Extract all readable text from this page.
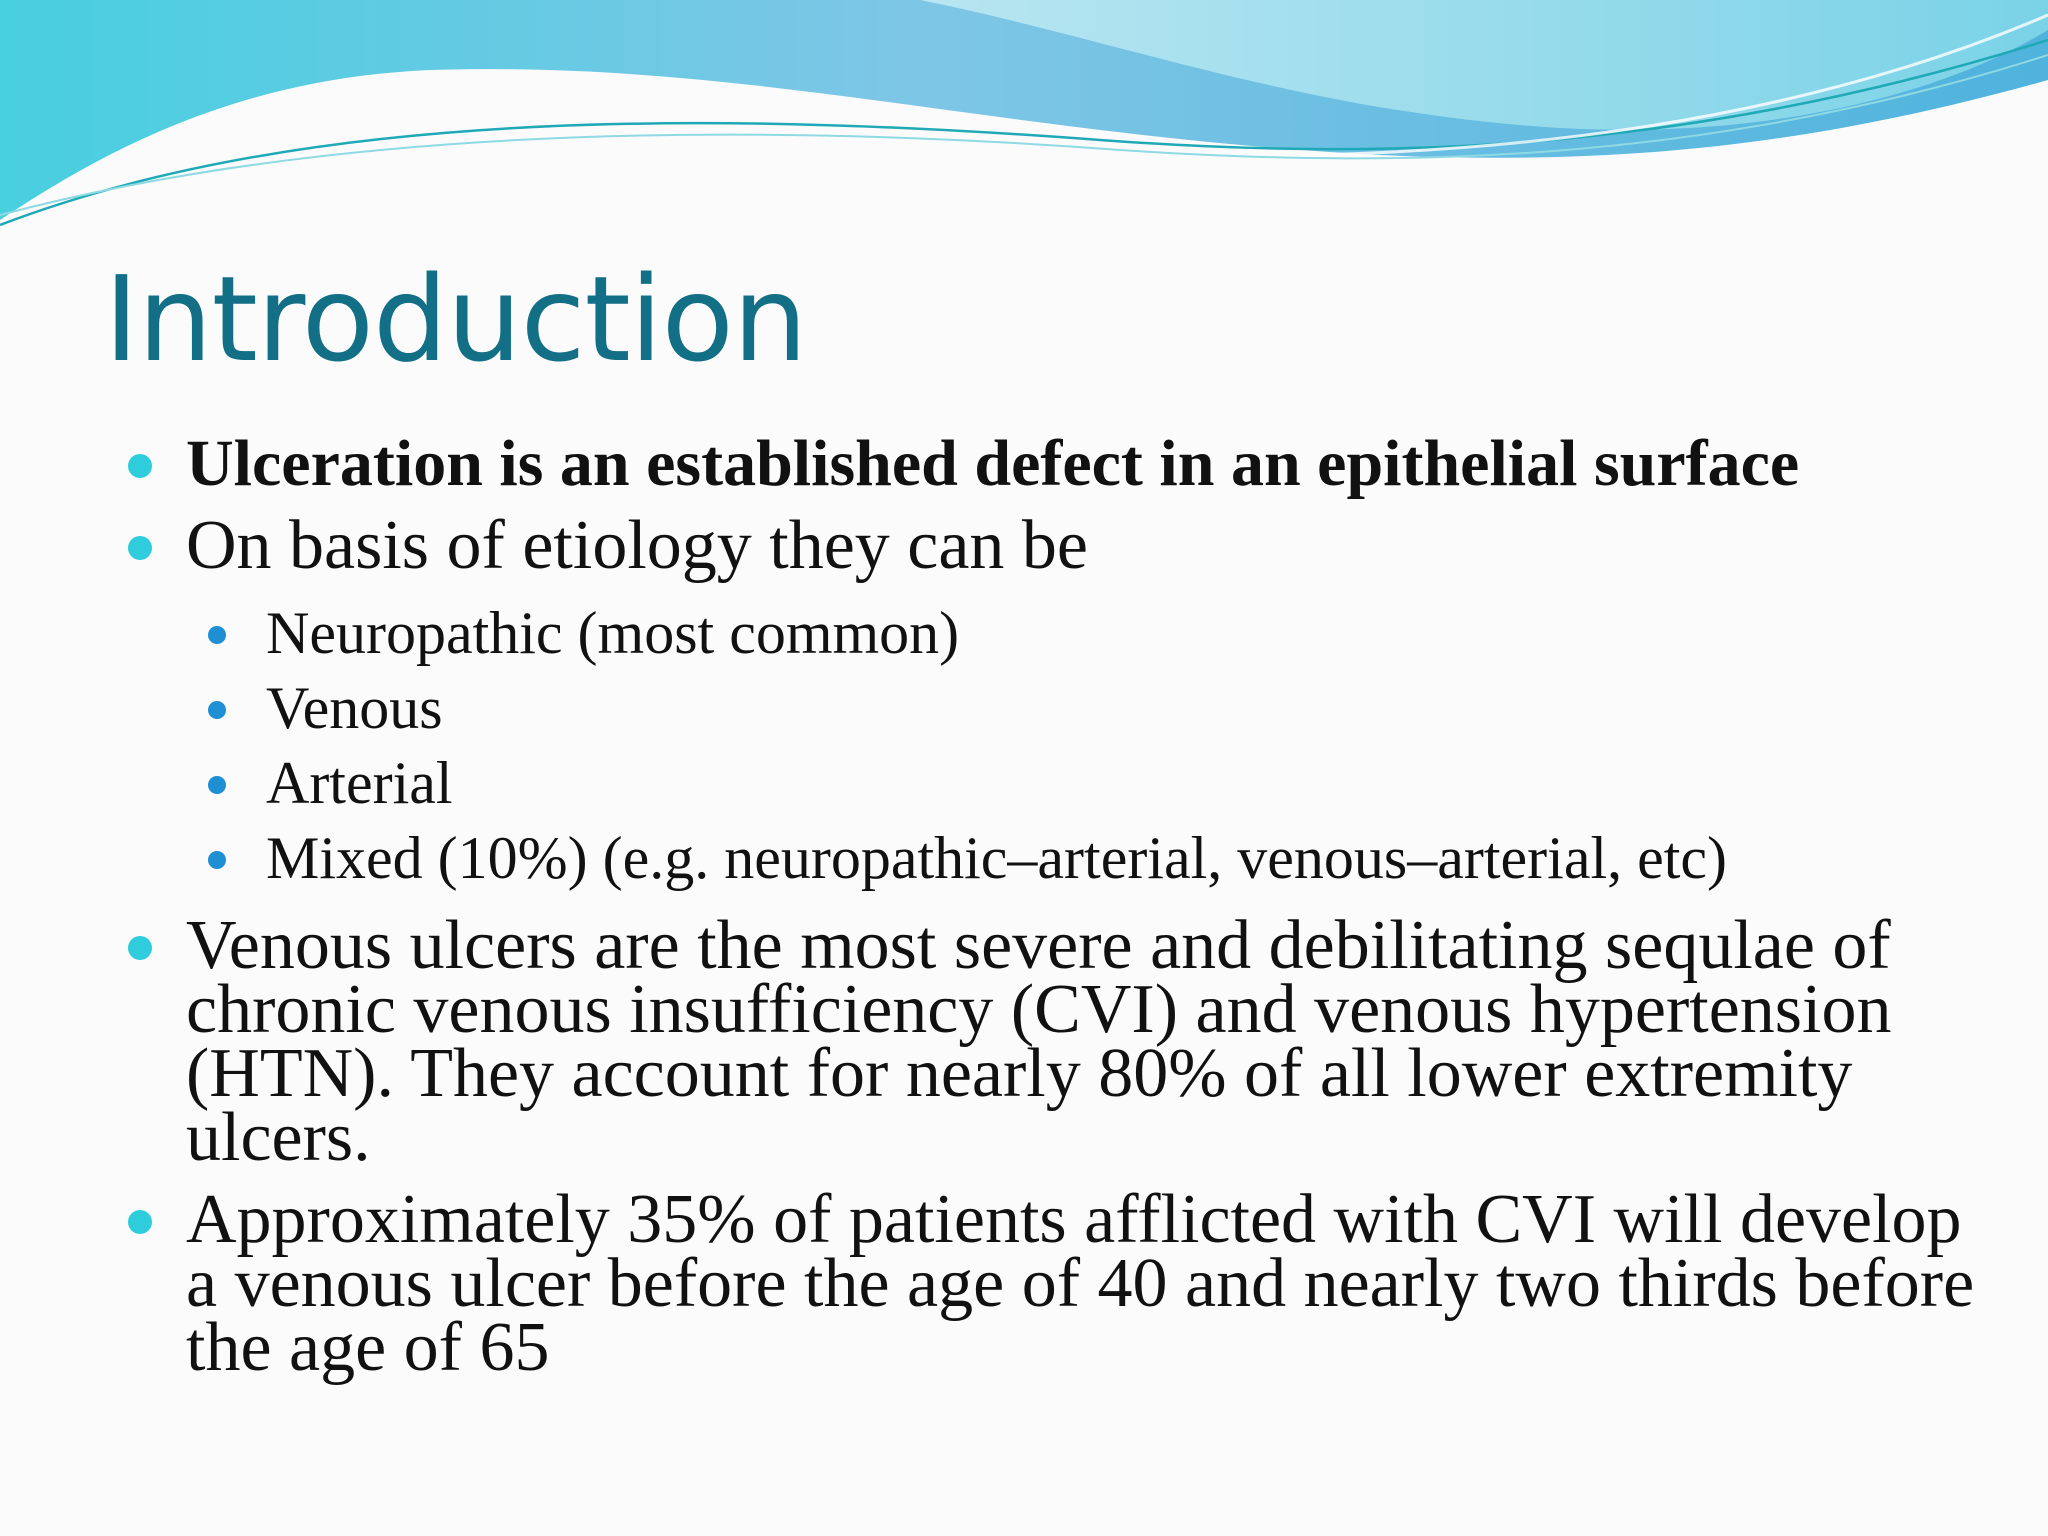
Introduction
Ulceration is an established defect in an epithelial surface
On basis of etiology they can be
Neuropathic (most common)
Venous
Arterial
Mixed (10%) (e.g. neuropathic–arterial, venous–arterial, etc)
Venous ulcers are the most severe and debilitating sequlae of chronic venous insufficiency (CVI) and venous hypertension (HTN). They account for nearly 80% of all lower extremity ulcers.
Approximately 35% of patients afflicted with CVI will develop a venous ulcer before the age of 40 and nearly two thirds before the age of 65
